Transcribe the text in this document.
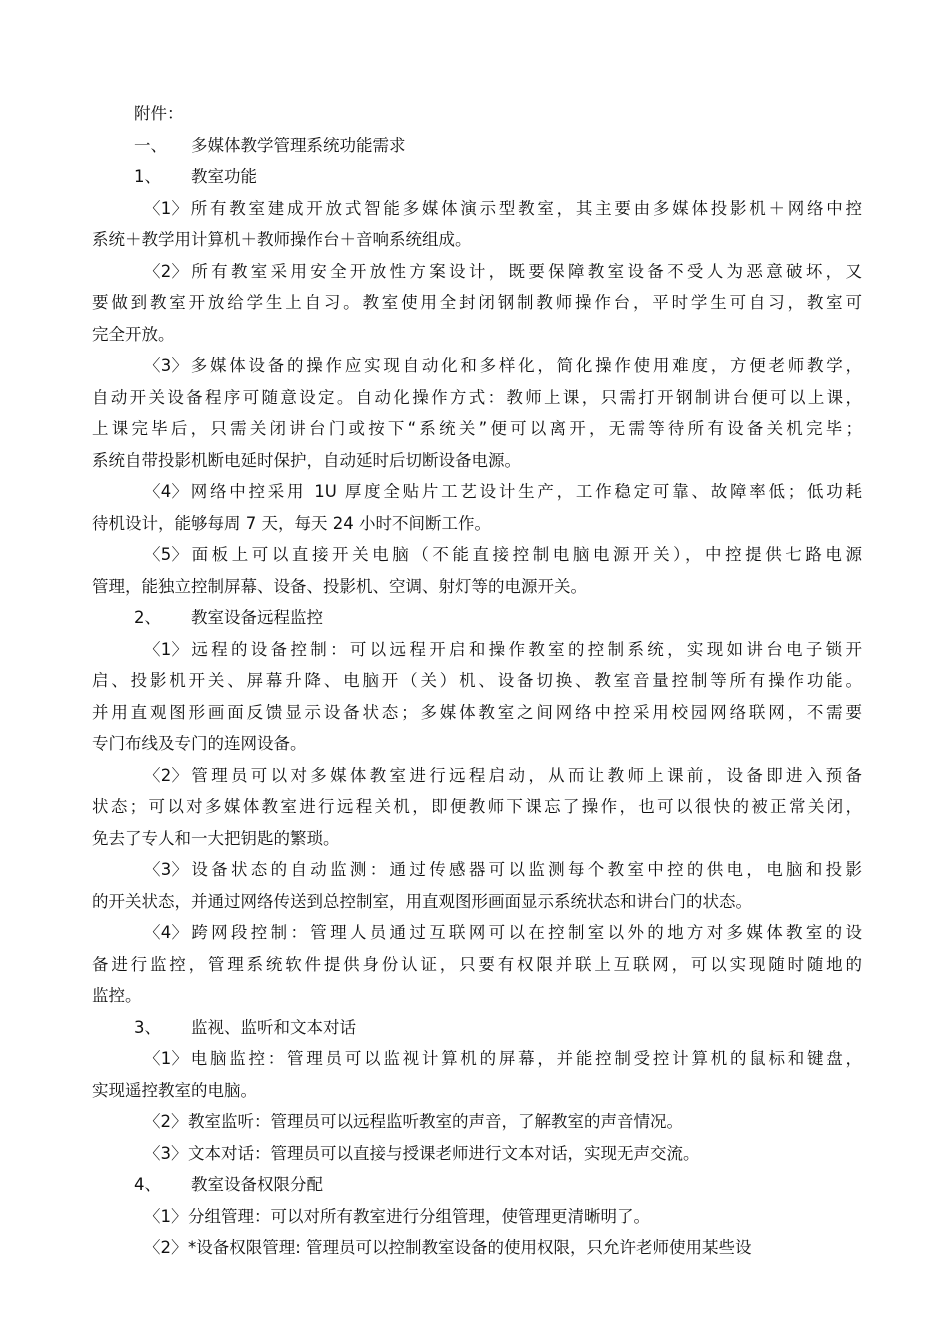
附件：
一、 多媒体教学管理系统功能需求
1、 教室功能
〈1〉所有教室建成开放式智能多媒体演示型教室，其主要由多媒体投影机＋网络中控
系统＋教学用计算机＋教师操作台＋音响系统组成。
〈2〉所有教室采用安全开放性方案设计，既要保障教室设备不受人为恶意破坏，又
要做到教室开放给学生上自习。教室使用全封闭钢制教师操作台，平时学生可自习，教室可
完全开放。
〈3〉多媒体设备的操作应实现自动化和多样化，简化操作使用难度，方便老师教学，
自动开关设备程序可随意设定。自动化操作方式：教师上课，只需打开钢制讲台便可以上课，
上课完毕后，只需关闭讲台门或按下“系统关”便可以离开，无需等待所有设备关机完毕；
系统自带投影机断电延时保护，自动延时后切断设备电源。
〈4〉网络中控采用 1U 厚度全贴片工艺设计生产，工作稳定可靠、故障率低；低功耗
待机设计，能够每周 7 天，每天 24 小时不间断工作。
〈5〉面板上可以直接开关电脑（不能直接控制电脑电源开关），中控提供七路电源
管理，能独立控制屏幕、设备、投影机、空调、射灯等的电源开关。
2、 教室设备远程监控
〈1〉远程的设备控制：可以远程开启和操作教室的控制系统，实现如讲台电子锁开
启、投影机开关、屏幕升降、电脑开（关）机、设备切换、教室音量控制等所有操作功能。
并用直观图形画面反馈显示设备状态；多媒体教室之间网络中控采用校园网络联网，不需要
专门布线及专门的连网设备。
〈2〉管理员可以对多媒体教室进行远程启动，从而让教师上课前，设备即进入预备
状态；可以对多媒体教室进行远程关机，即便教师下课忘了操作，也可以很快的被正常关闭，
免去了专人和一大把钥匙的繁琐。
〈3〉设备状态的自动监测：通过传感器可以监测每个教室中控的供电，电脑和投影
的开关状态，并通过网络传送到总控制室，用直观图形画面显示系统状态和讲台门的状态。
〈4〉跨网段控制：管理人员通过互联网可以在控制室以外的地方对多媒体教室的设
备进行监控，管理系统软件提供身份认证，只要有权限并联上互联网，可以实现随时随地的
监控。
3、 监视、监听和文本对话
〈1〉电脑监控：管理员可以监视计算机的屏幕，并能控制受控计算机的鼠标和键盘，
实现遥控教室的电脑。
〈2〉教室监听：管理员可以远程监听教室的声音，了解教室的声音情况。
〈3〉文本对话：管理员可以直接与授课老师进行文本对话，实现无声交流。
4、 教室设备权限分配
〈1〉分组管理：可以对所有教室进行分组管理，使管理更清晰明了。
〈2〉*设备权限管理: 管理员可以控制教室设备的使用权限，只允许老师使用某些设
